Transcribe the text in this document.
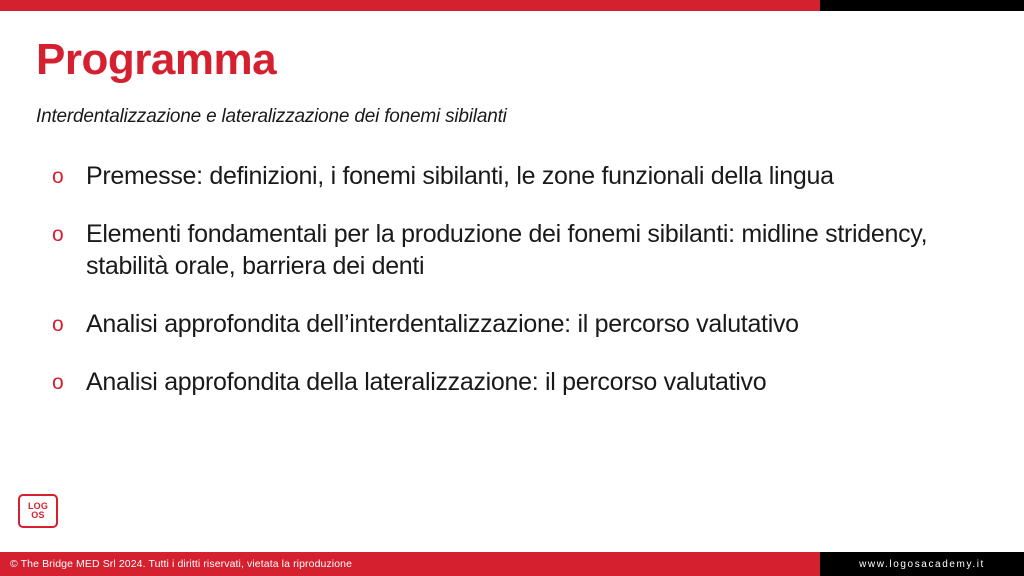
Programma
Interdentalizzazione e lateralizzazione dei fonemi sibilanti
o Premesse: definizioni, i fonemi sibilanti, le zone funzionali della lingua
o Elementi fondamentali per la produzione dei fonemi sibilanti: midline stridency, stabilità orale, barriera dei denti
o Analisi approfondita dell’interdentalizzazione: il percorso valutativo
o Analisi approfondita della lateralizzazione: il percorso valutativo
LOG
OS
© The Bridge MED Srl 2024. Tutti i diritti riservati, vietata la riproduzione	www.logosacademy.it
